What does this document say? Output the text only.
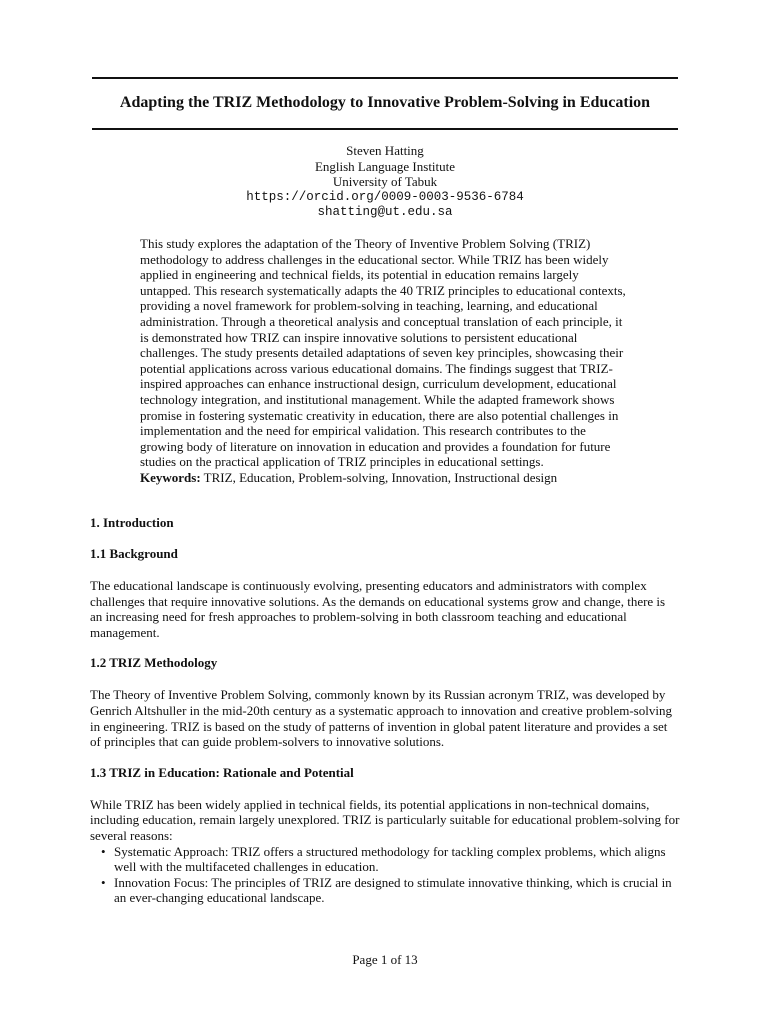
Adapting the TRIZ Methodology to Innovative Problem-Solving in Education
Steven Hatting
English Language Institute
University of Tabuk
https://orcid.org/0009-0003-9536-6784
shatting@ut.edu.sa

This study explores the adaptation of the Theory of Inventive Problem Solving (TRIZ) methodology to address challenges in the educational sector. While TRIZ has been widely applied in engineering and technical fields, its potential in education remains largely untapped. This research systematically adapts the 40 TRIZ principles to educational contexts, providing a novel framework for problem-solving in teaching, learning, and educational administration. Through a theoretical analysis and conceptual translation of each principle, it is demonstrated how TRIZ can inspire innovative solutions to persistent educational challenges. The study presents detailed adaptations of seven key principles, showcasing their potential applications across various educational domains. The findings suggest that TRIZ-inspired approaches can enhance instructional design, curriculum development, educational technology integration, and institutional management. While the adapted framework shows promise in fostering systematic creativity in education, there are also potential challenges in implementation and the need for empirical validation. This research contributes to the growing body of literature on innovation in education and provides a foundation for future studies on the practical application of TRIZ principles in educational settings.

Keywords: TRIZ, Education, Problem-solving, Innovation, Instructional design

1. Introduction
1.1 Background

The educational landscape is continuously evolving, presenting educators and administrators with complex challenges that require innovative solutions. As the demands on educational systems grow and change, there is an increasing need for fresh approaches to problem-solving in both classroom teaching and educational management.

1.2 TRIZ Methodology

The Theory of Inventive Problem Solving, commonly known by its Russian acronym TRIZ, was developed by Genrich Altshuller in the mid-20th century as a systematic approach to innovation and creative problem-solving in engineering. TRIZ is based on the study of patterns of invention in global patent literature and provides a set of principles that can guide problem-solvers to innovative solutions.

1.3 TRIZ in Education: Rationale and Potential

While TRIZ has been widely applied in technical fields, its potential applications in non-technical domains, including education, remain largely unexplored. TRIZ is particularly suitable for educational problem-solving for several reasons:

• Systematic Approach: TRIZ offers a structured methodology for tackling complex problems, which aligns well with the multifaceted challenges in education.
• Innovation Focus: The principles of TRIZ are designed to stimulate innovative thinking, which is crucial in an ever-changing educational landscape.
Page 1 of 13
